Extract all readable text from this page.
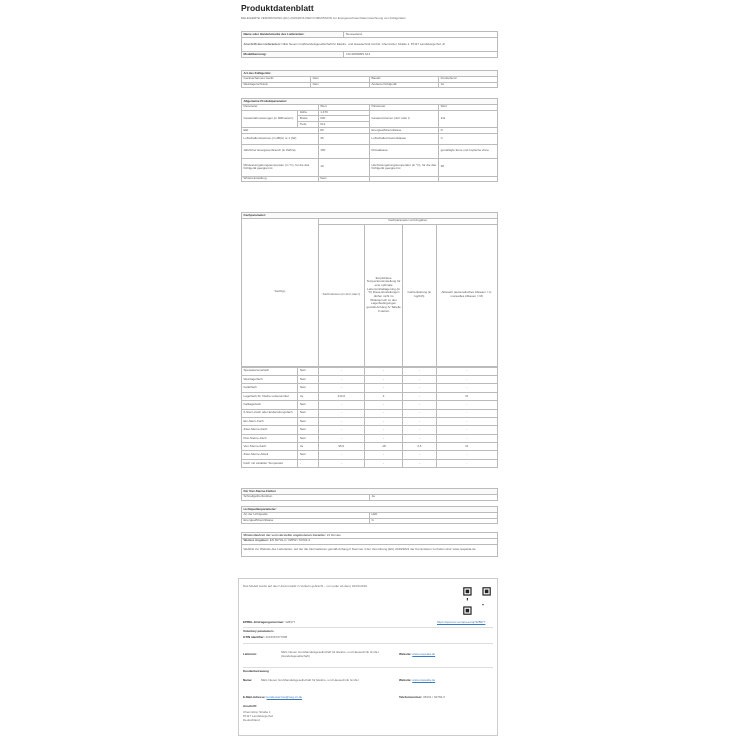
Produktdatenblatt
DELEGIERTE VERORDNUNG (EU) 2019/2016 DER KOMMISSION zur Energieverbrauchskennzeichnung von Kühlgeräten
Name oder Handelsmarke des Lieferanten:	Neuseeland
Anschrift des Lieferanten: NEG Neuen Großhandelsgesellschaft für Elektro- und Haustechnik GmbH, Chemnitzer Straße 1, 87117 Landsbergerhof, dt	
Modellkennung:	LSC20800BS.S12
Art des Kühlgeräts:			
Geräuscharmes Gerät:	Nein	Bauart:	Freistehend
Weinlagerschrank:	Nein	Anderes Kühlgerät:	Ja
Allgemeine Produktparameter:				
Parameter		Wert	Parameter	Wert
Gesamtabmessungen (in Millimetern)	Höhe	1.470	Gesamtvolumen (dm³ oder l)	311
	Breite	600		
	Tiefe	612		
EEI		80	Energieeffizienzklasse	D
Luftschallemissionen (in dB(A) re 1 pW)		35	Luftschallemissionsklasse	C
Jährlicher Energieverbrauch (in kWh/a)		150	Klimaklasse:	gemäßigte Zone und tropische Zone
Mindestumgebungstemperatur (in °C), für die das Kühlgerät geeignet ist		10	Höchstumgebungstemperatur (in °C), für die das Kühlgerät geeignet ist	38
Wintereinstellung		Nein		
Fachparameter:				
Fachtyp	Fachparameter und Angaben			
	Fachvolumen (in dm³ oder l)	Empfohlene Temperatureinstellung für eine optimale Lebensmittellagerung (in °C) Diese Einstellungen dürfen nicht im Widerspruch zu den Lagerbedingungen gemäß Anhang IV Tabelle 3 stehen	Gefrierleistung (in kg/24h)	Abtauart (automatisches Abtauen = A, manuelles Abtauen = M)
Speisekammerfach	Nein	-	-	-	-
Weinlagerfach	Nein	-	-	-	-
Kellerfach	Nein	-	-	-	-
Lagerfach für frische Lebensmittel	Ja	213,0	4	-	M
Kaltlagerfach	Nein	-	-	-	-
0-Stern-Fach oder Eisbereitungsfach	Nein	-	-	-	-
Ein-Stern-Fach	Nein	-	-	-	-
Zwei-Sterne-Fach	Nein	-	-	-	-
Drei-Sterne-Fach	Nein	-	-	-	-
Vier-Sterne-Fach	Ja	95,0	-18	3,5	M
Zwei-Sterne-Abteil	Nein	-	-	-	-
Fach mit variabler Temperatur	-	-	-	-	-
Für Vier-Sterne-Fächer
Schnellgefrierfunktion	Ja
Lichtquellenparameter:	
Art der Lichtquelle	LED
Energieeffizienzklasse	G
Mindestlaufzeit der vom Hersteller angebotenen Garantie: 24 Monate
Weitere Angaben: EN 60704-3 / 62552 / 60704-3
Weblink zur Website des Lieferanten, auf der die Informationen gemäß Anhang II Nummer 4 der Verordnung (EU) 2019/2021 der Kommission zu finden sind: www.respekta.de
Das Modell wurde auf dem Unionsmarkt in Verkehr gebracht – von (oder ab dem) 01/01/2019.
EPREL-Eintragungsnummer: 328977	https://eprel.ec.europa.eu/qr/328977
Voluntary parameters
GTIN identifier: 4015067077838
Lieferant:	NEG Neuen Großhandelsgesellschaft für Elektro- und Hausechnik GmbH (Handelsgesellschaft)	Website: www.respekta.de
Kundenbetreuung
Name:	NEG Neuen Großhandelsgesellschaft für Elektro- und Hausechnik GmbH	Website: www.respekta.de
E-Mail-Adresse: kundenservice@neg-cz.de	Telefonnummer: 08191 / 92784-0
Anschrift:
Chemnitzer Straße 1
87117 Landsbergerhof
Deutschland
